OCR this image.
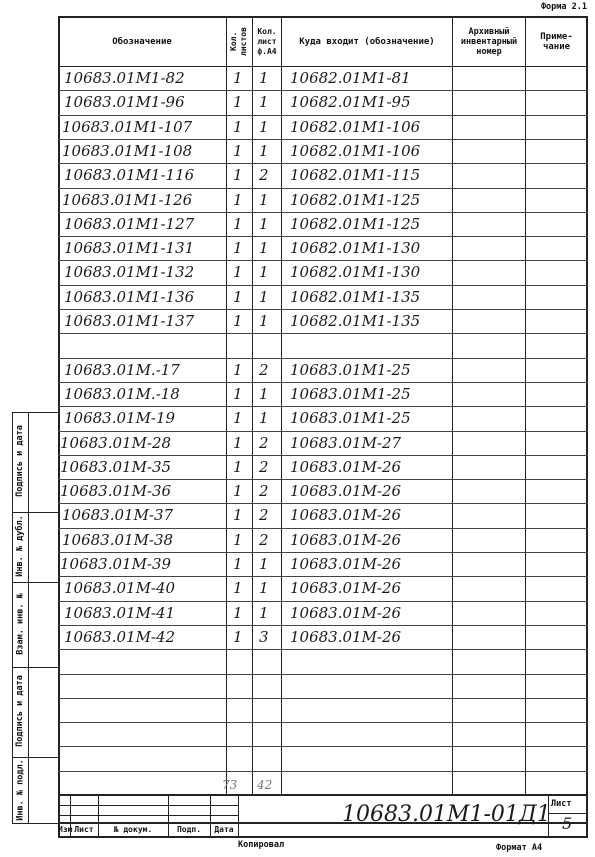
Форма 2.1
Обозначение	Кол. листов	Кол. лист ф.А4
Куда входит (обозначение)
Архивный инвентарный номер
Приме- чание
10683.01М1-82	1 1 10682.01М1-81
10683.01М1-96	1 1 10682.01М1-95
10683.01М1-107	1 1 10682.01М1-106
10683.01М1-108	1 1 10682.01М1-106
10683.01М1-116	1 2 10682.01М1-115
10683.01М1-126	1 1 10682.01М1-125
10683.01М1-127	1 1 10682.01М1-125
10683.01М1-131	1 1 10682.01М1-130
10683.01М1-132	1 1 10682.01М1-130
10683.01М1-136	1 1 10682.01М1-135
10683.01М1-137	1 1 10682.01М1-135
10683.01М.-17	1 2 10683.01М1-25
10683.01М.-18	1 1 10683.01М1-25
10683.01М-19	1 1 10683.01М1-25
10683.01М-28	1 2 10683.01М-27
10683.01М-35	1 2 10683.01М-26
10683.01М-36	1 2 10683.01М-26
10683.01М-37	1 2 10683.01М-26
10683.01М-38	1 2 10683.01М-26
10683.01М-39	1 1 10683.01М-26
10683.01М-40	1 1 10683.01М-26
10683.01М-41	1 1 10683.01М-26
10683.01М-42	1 3 10683.01М-26
73 42
Подпись и дата
Инв. № дубл.
Взам. инв. №
Подпись и дата
Инв. № подл.
Изм Лист	№ докум.	Подп.	Дата
10683.01М1-01Д1 Лист
5
Копировал	Формат А4
